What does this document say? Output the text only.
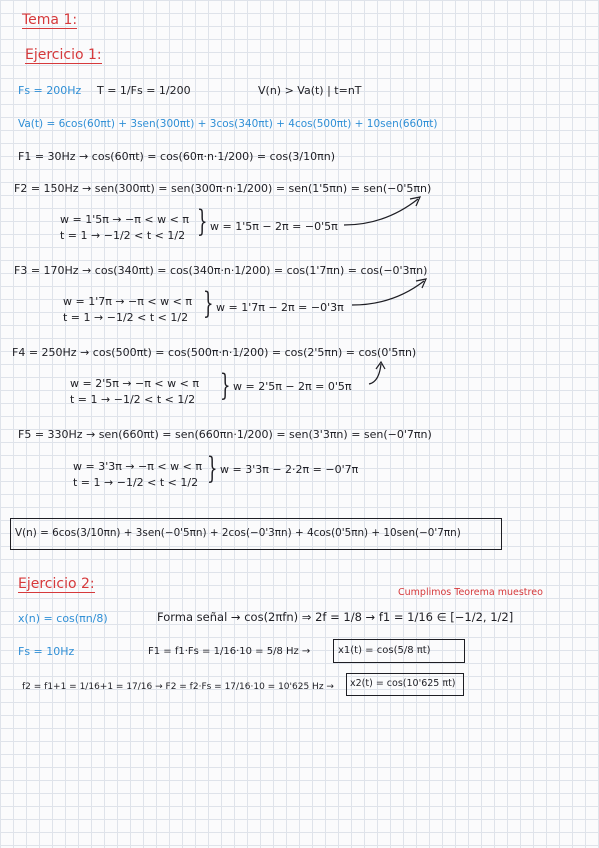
Tema 1:
Ejercicio 1:
Fs = 200Hz T = 1/Fs = 1/200	V(n) > Va(t) | t=nT
Va(t) = 6cos(60πt) + 3sen(300πt) + 3cos(340πt) + 4cos(500πt) + 10sen(660πt)
F1 = 30Hz → cos(60πt) = cos(60π·n·1/200) = cos(3/10πn)
F2 = 150Hz → sen(300πt) = sen(300π·n·1/200) = sen(1'5πn) = sen(−0'5πn)
w = 1'5π → −π < w < π
t = 1 → −1/2 < t < 1/2 } w = 1'5π − 2π = −0'5π
F3 = 170Hz → cos(340πt) = cos(340π·n·1/200) = cos(1'7πn) = cos(−0'3πn)
w = 1'7π → −π < w < π
t = 1 → −1/2 < t < 1/2 } w = 1'7π − 2π = −0'3π
F4 = 250Hz → cos(500πt) = cos(500π·n·1/200) = cos(2'5πn) = cos(0'5πn)
w = 2'5π → −π < w < π
t = 1 → −1/2 < t < 1/2 } w = 2'5π − 2π = 0'5π
F5 = 330Hz → sen(660πt) = sen(660πn·1/200) = sen(3'3πn) = sen(−0'7πn)
w = 3'3π → −π < w < π
t = 1 → −1/2 < t < 1/2 } w = 3'3π − 2·2π = −0'7π
V(n) = 6cos(3/10πn) + 3sen(−0'5πn) + 2cos(−0'3πn) + 4cos(0'5πn) + 10sen(−0'7πn)
Ejercicio 2:
Cumplimos Teorema muestreo
x(n) = cos(πn/8)	Forma señal → cos(2πfn) ⇒ 2f = 1/8 → f1 = 1/16 ∈ [−1/2, 1/2]
Fs = 10Hz	F1 = f1·Fs = 1/16·10 = 5/8 Hz →	x1(t) = cos(5/8 πt)
f2 = f1+1 = 1/16+1 = 17/16 → F2 = f2·Fs = 17/16·10 = 10'625 Hz → x2(t) = cos(10'625 πt)
